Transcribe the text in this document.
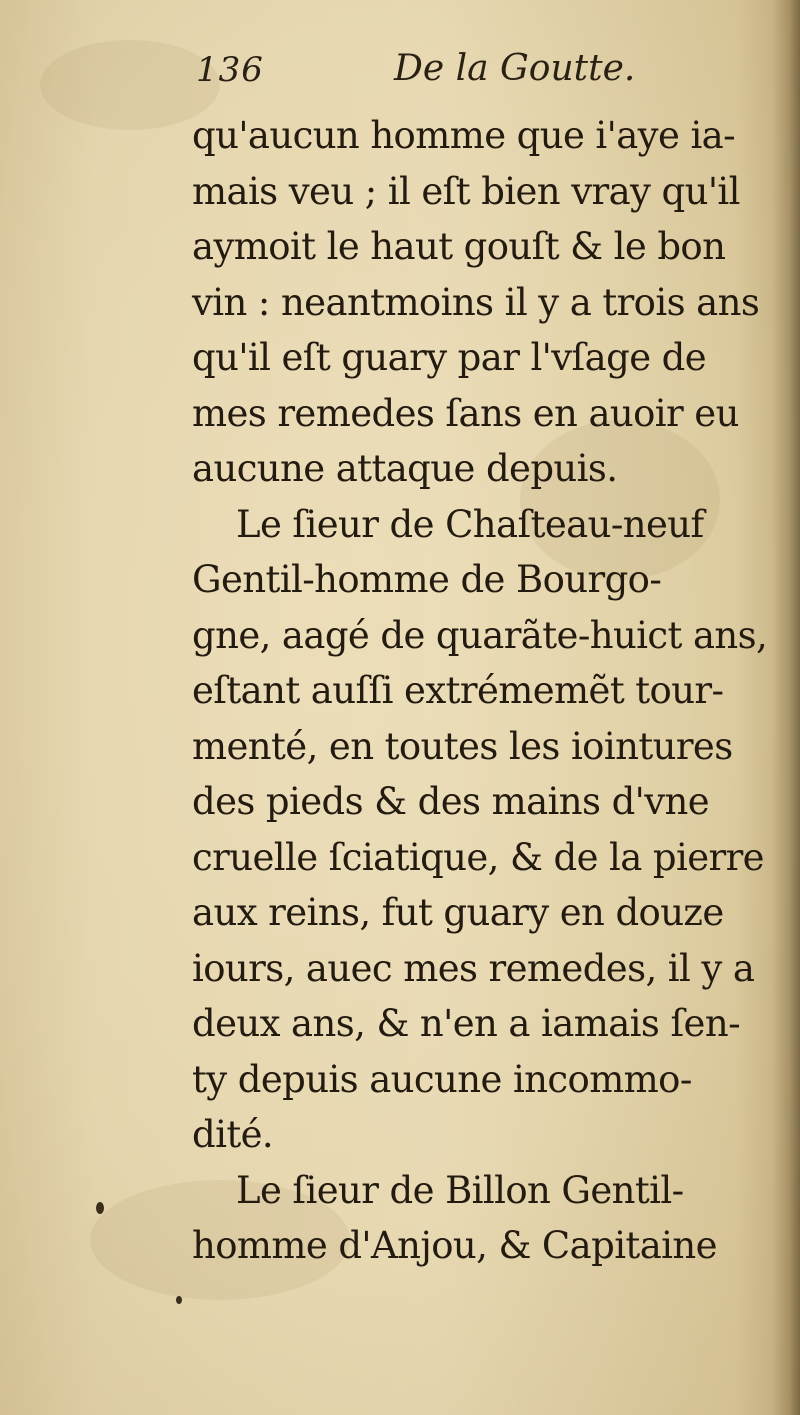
136	De la Goutte.
qu'aucun homme que i'aye ia-
mais veu ; il eſt bien vray qu'il
aymoit le haut gouſt & le bon
vin : neantmoins il y a trois ans
qu'il eſt guary par l'vſage de
mes remedes ſans en auoir eu
aucune attaque depuis.
Le ſieur de Chaſteau-neuf
Gentil-homme de Bourgo-
gne, aagé de quarãte-huict ans,
eſtant auſſi extrémemẽt tour-
menté, en toutes les iointures
des pieds & des mains d'vne
cruelle ſciatique, & de la pierre
aux reins, fut guary en douze
iours, auec mes remedes, il y a
deux ans, & n'en a iamais ſen-
ty depuis aucune incommo-
dité.
Le ſieur de Billon Gentil-
homme d'Anjou, & Capitaine
